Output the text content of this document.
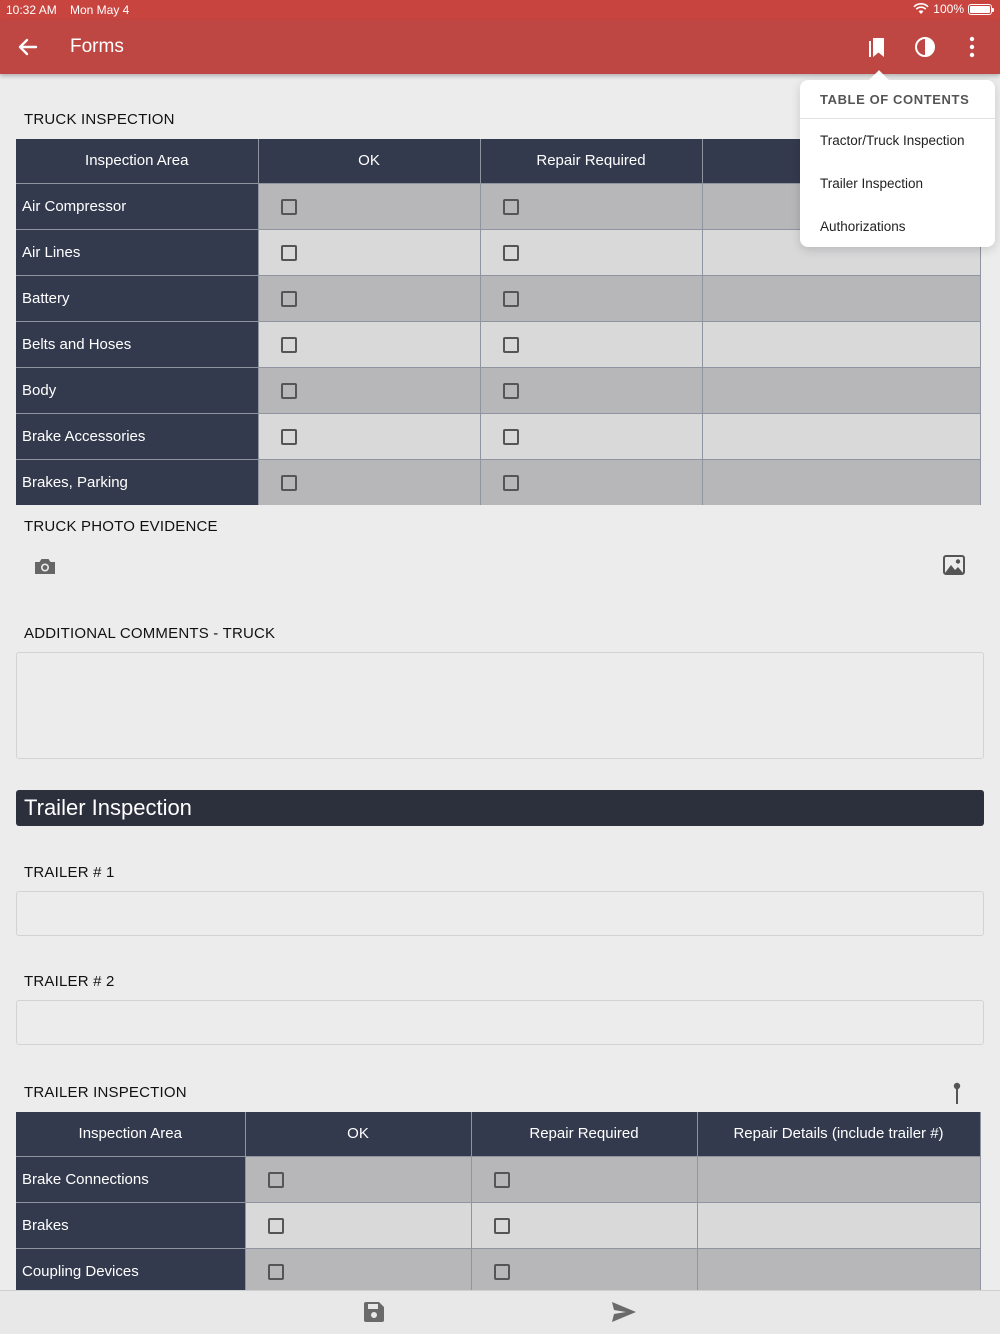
10:32 AM Mon May 4	100%
Forms
TRUCK INSPECTION
Inspection Area	OK	Repair Required	
Air Compressor			
Air Lines			
Battery			
Belts and Hoses			
Body			
Brake Accessories			
Brakes, Parking			
TRUCK PHOTO EVIDENCE
ADDITIONAL COMMENTS - TRUCK
Trailer Inspection
TRAILER # 1
TRAILER # 2
TRAILER INSPECTION
Inspection Area	OK	Repair Required	Repair Details (include trailer #)
Brake Connections			
Brakes			
Coupling Devices			
TABLE OF CONTENTS
Tractor/Truck Inspection
Trailer Inspection
Authorizations
